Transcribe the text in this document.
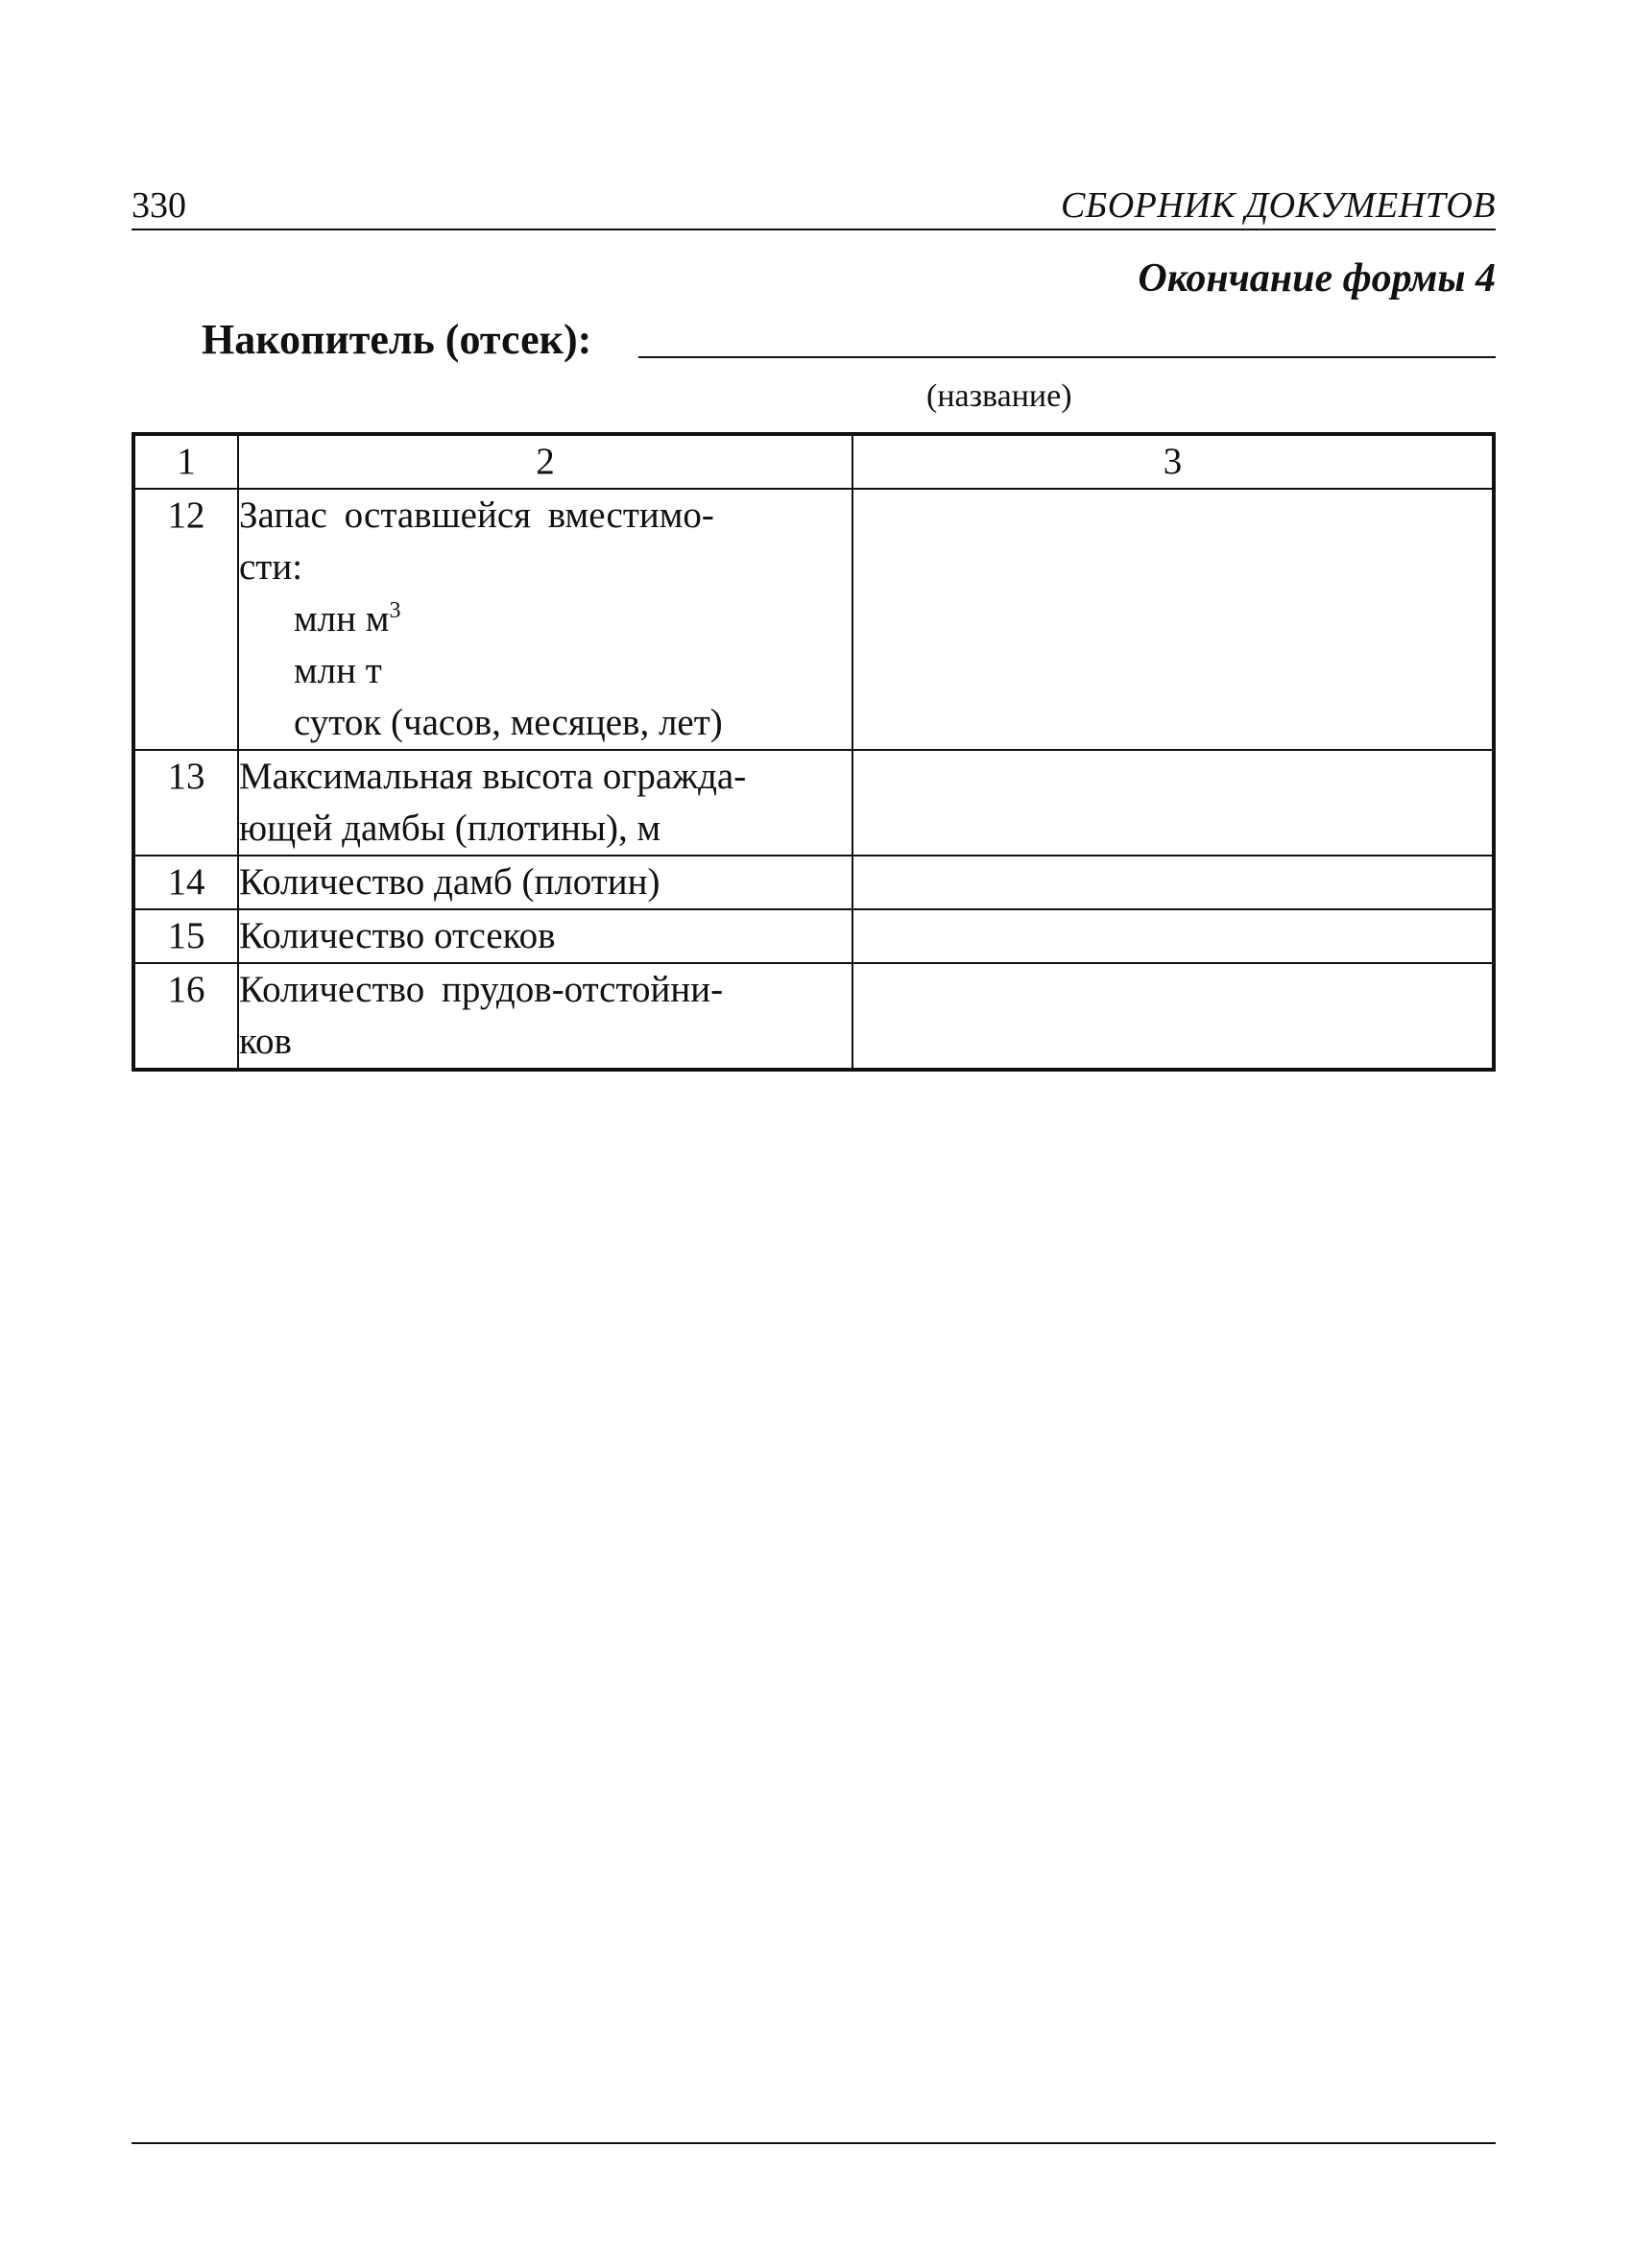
330	СБОРНИК ДОКУМЕНТОВ
Окончание формы 4
Накопитель (отсек):
(название)
1	2	3
12	Запас оставшейся вместимо-
сти:
млн $м^3$
млн т
суток (часов, месяцев, лет)	

13	Максимальная высота огражда-
ющей дамбы (плотины), м	

14	Количество дамб (плотин)	

15	Количество отсеков	

16	Количество прудов-отстойни-
ков	
